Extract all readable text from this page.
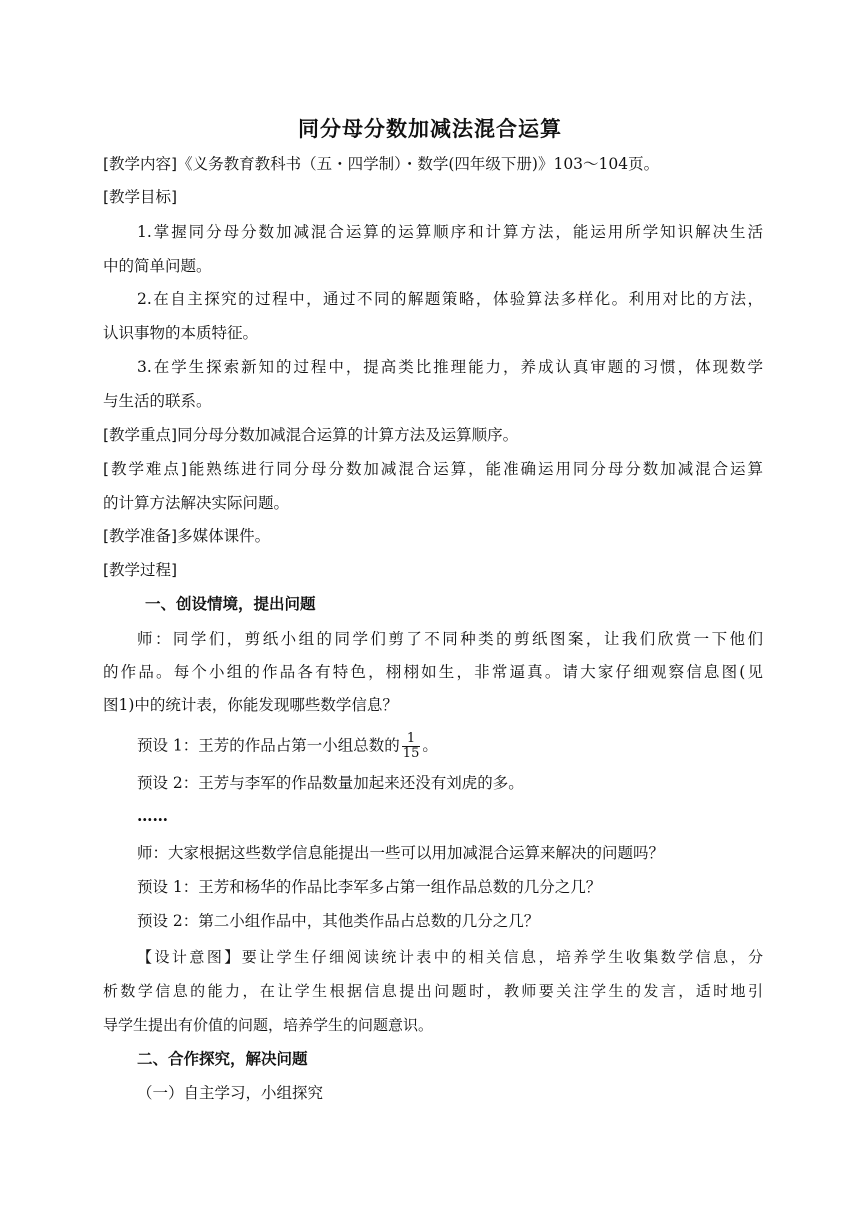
同分母分数加减法混合运算
[教学内容]《义务教育教科书（五・四学制）・数学(四年级下册)》103～104页。
[教学目标]
1.掌握同分母分数加减混合运算的运算顺序和计算方法，能运用所学知识解决生活
中的简单问题。
2.在自主探究的过程中，通过不同的解题策略，体验算法多样化。利用对比的方法，
认识事物的本质特征。
3.在学生探索新知的过程中，提高类比推理能力，养成认真审题的习惯，体现数学
与生活的联系。
[教学重点]同分母分数加减混合运算的计算方法及运算顺序。
[教学难点]能熟练进行同分母分数加减混合运算，能准确运用同分母分数加减混合运算
的计算方法解决实际问题。
[教学准备]多媒体课件。
[教学过程]
一、创设情境，提出问题
师：同学们，剪纸小组的同学们剪了不同种类的剪纸图案，让我们欣赏一下他们
的作品。每个小组的作品各有特色，栩栩如生，非常逼真。请大家仔细观察信息图(见
图1)中的统计表，你能发现哪些数学信息？
预设 1：王芳的作品占第一小组总数的 $\frac{1}{15}$ 。
预设 2：王芳与李军的作品数量加起来还没有刘虎的多。
……
师：大家根据这些数学信息能提出一些可以用加减混合运算来解决的问题吗？
预设 1：王芳和杨华的作品比李军多占第一组作品总数的几分之几？
预设 2：第二小组作品中，其他类作品占总数的几分之几？
【设计意图】要让学生仔细阅读统计表中的相关信息，培养学生收集数学信息，分
析数学信息的能力，在让学生根据信息提出问题时，教师要关注学生的发言，适时地引
导学生提出有价值的问题，培养学生的问题意识。
二、合作探究，解决问题
（一）自主学习，小组探究
